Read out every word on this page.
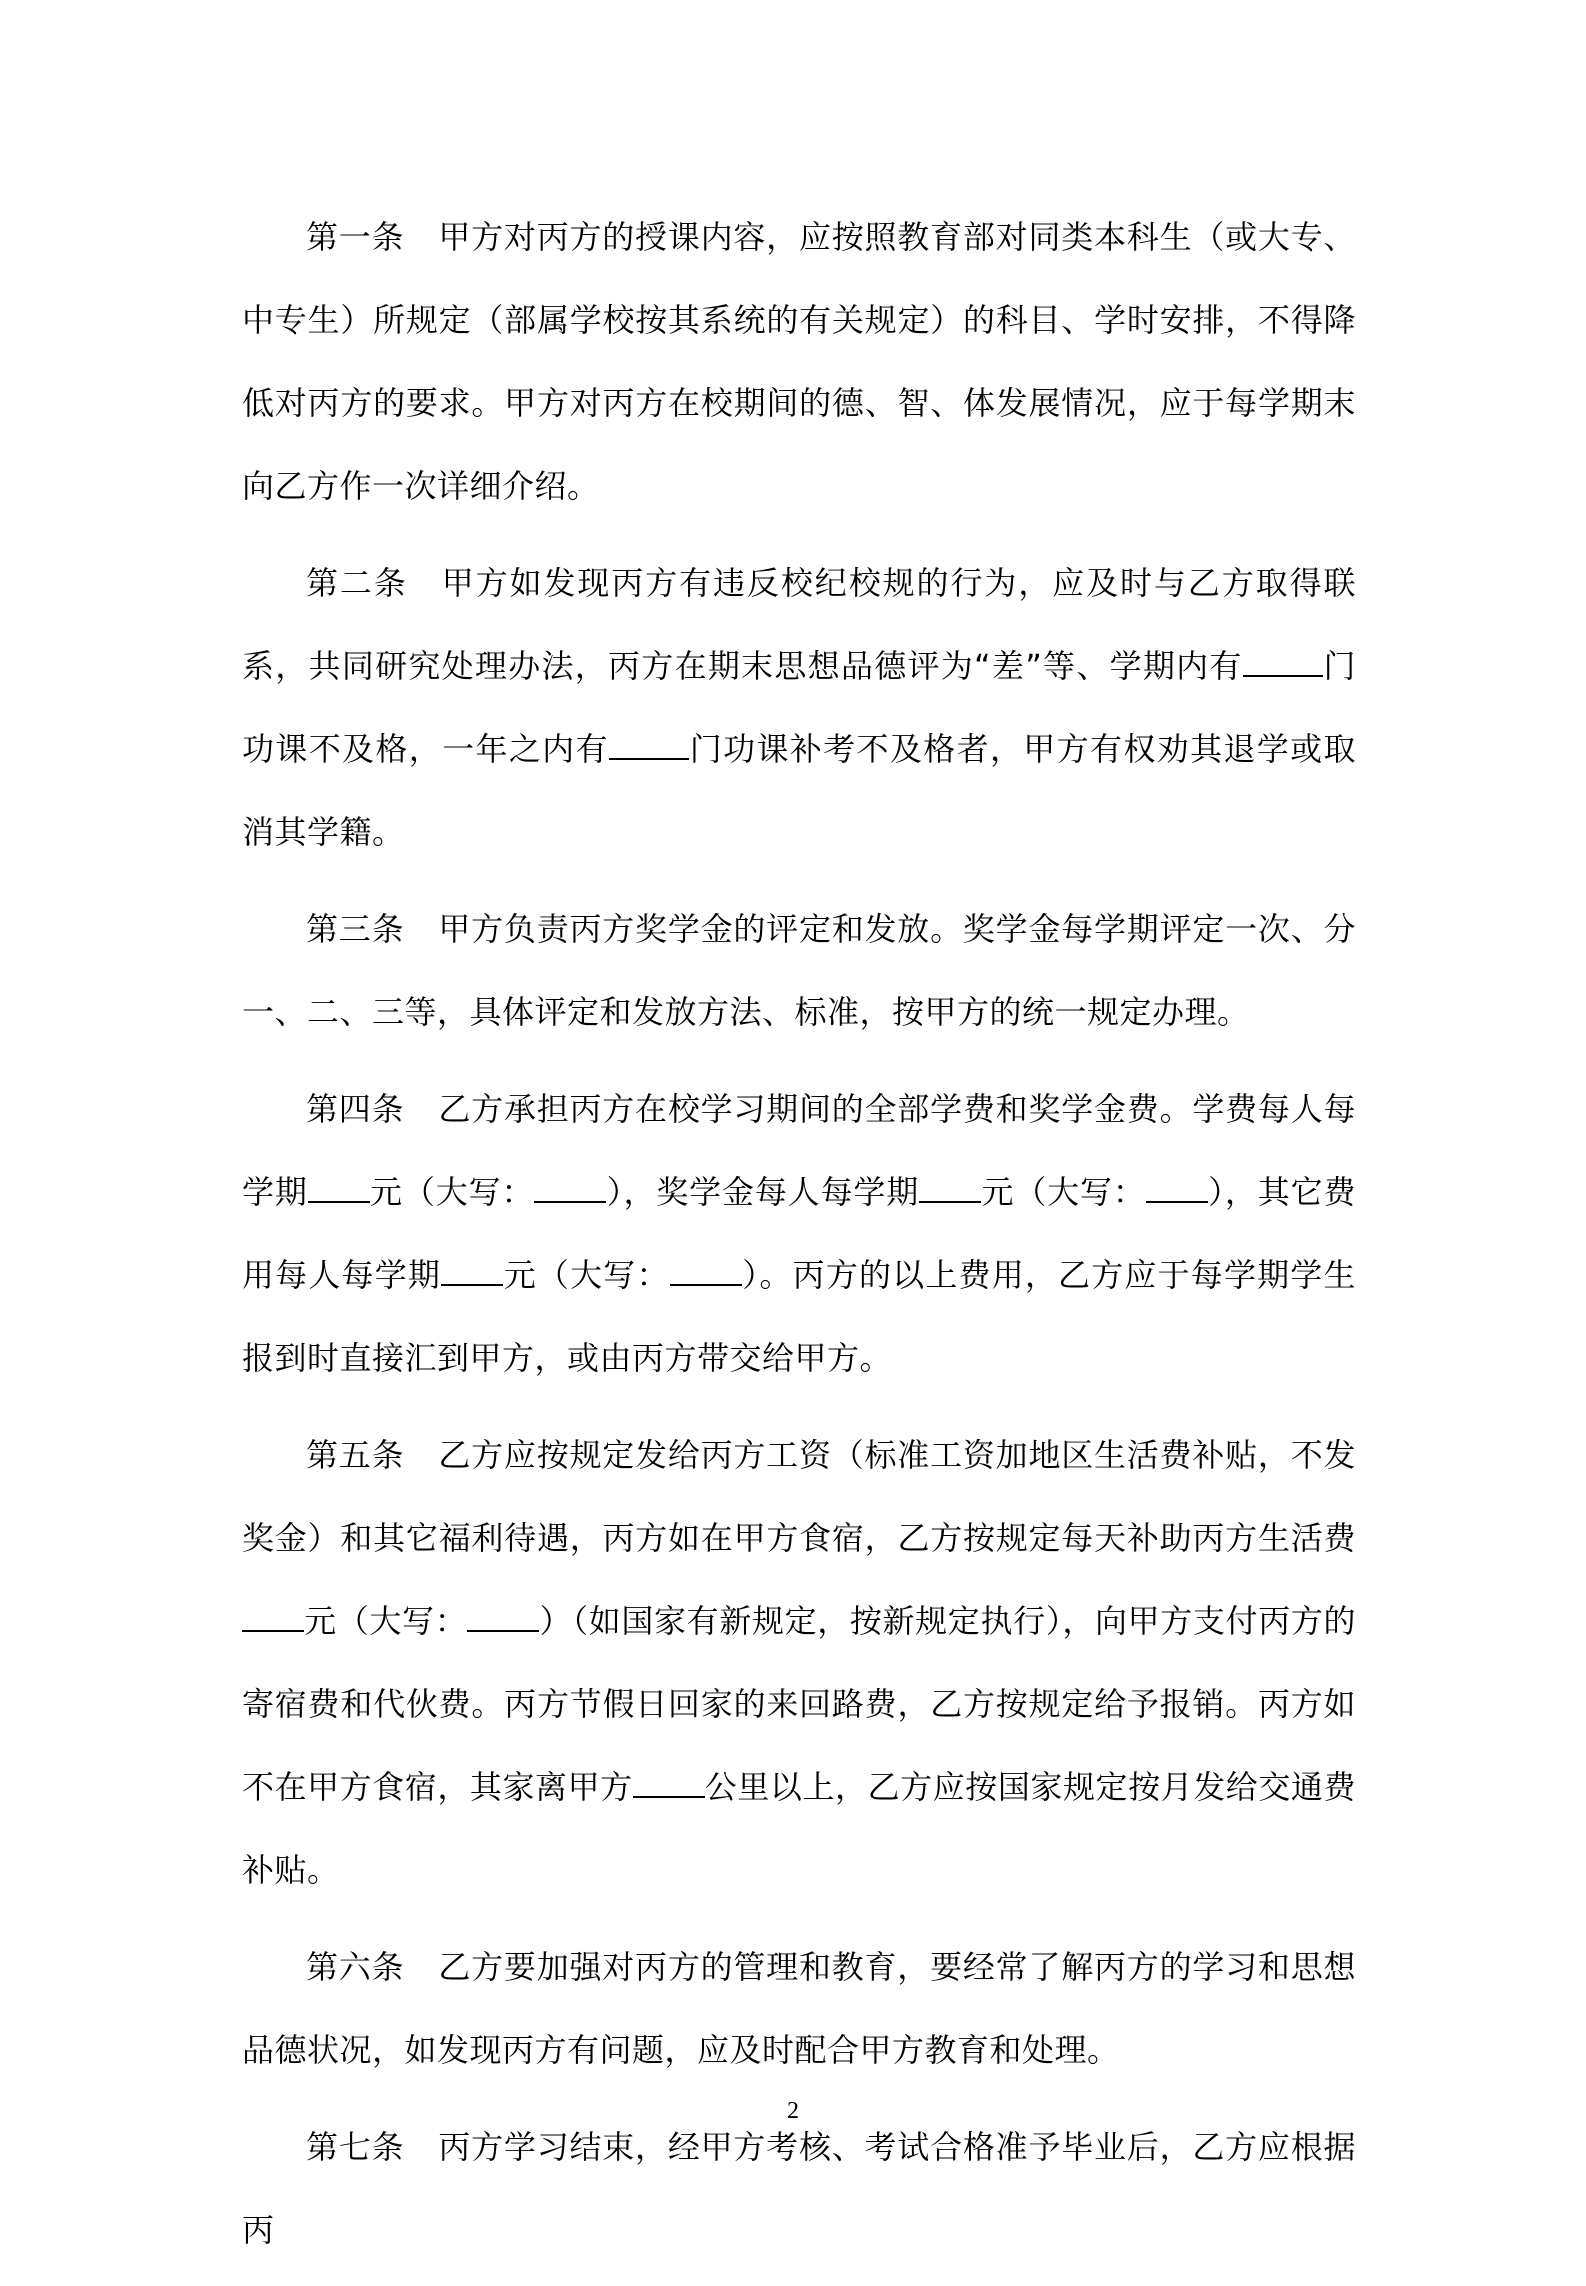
第一条 甲方对丙方的授课内容，应按照教育部对同类本科生（或大专、中专生）所规定（部属学校按其系统的有关规定）的科目、学时安排，不得降低对丙方的要求。甲方对丙方在校期间的德、智、体发展情况，应于每学期末向乙方作一次详细介绍。

第二条 甲方如发现丙方有违反校纪校规的行为，应及时与乙方取得联系，共同研究处理办法，丙方在期末思想品德评为“差”等、学期内有	门功课不及格，一年之内有	门功课补考不及格者，甲方有权劝其退学或取消其学籍。

第三条 甲方负责丙方奖学金的评定和发放。奖学金每学期评定一次、分一、二、三等，具体评定和发放方法、标准，按甲方的统一规定办理。

第四条 乙方承担丙方在校学习期间的全部学费和奖学金费。学费每人每学期 元（大写： ），奖学金每人每学期 元（大写： ），其它费用每人每学期 元（大写： ）。丙方的以上费用，乙方应于每学期学生报到时直接汇到甲方，或由丙方带交给甲方。

第五条 乙方应按规定发给丙方工资（标准工资加地区生活费补贴，不发奖金）和其它福利待遇，丙方如在甲方食宿，乙方按规定每天补助丙方生活费元（大写： ）（如国家有新规定，按新规定执行），向甲方支付丙方的寄宿费和代伙费。丙方节假日回家的来回路费，乙方按规定给予报销。丙方如不在甲方食宿，其家离甲方 公里以上，乙方应按国家规定按月发给交通费补贴。

第六条 乙方要加强对丙方的管理和教育，要经常了解丙方的学习和思想品德状况，如发现丙方有问题，应及时配合甲方教育和处理。

第七条 丙方学习结束，经甲方考核、考试合格准予毕业后，乙方应根据丙

2
